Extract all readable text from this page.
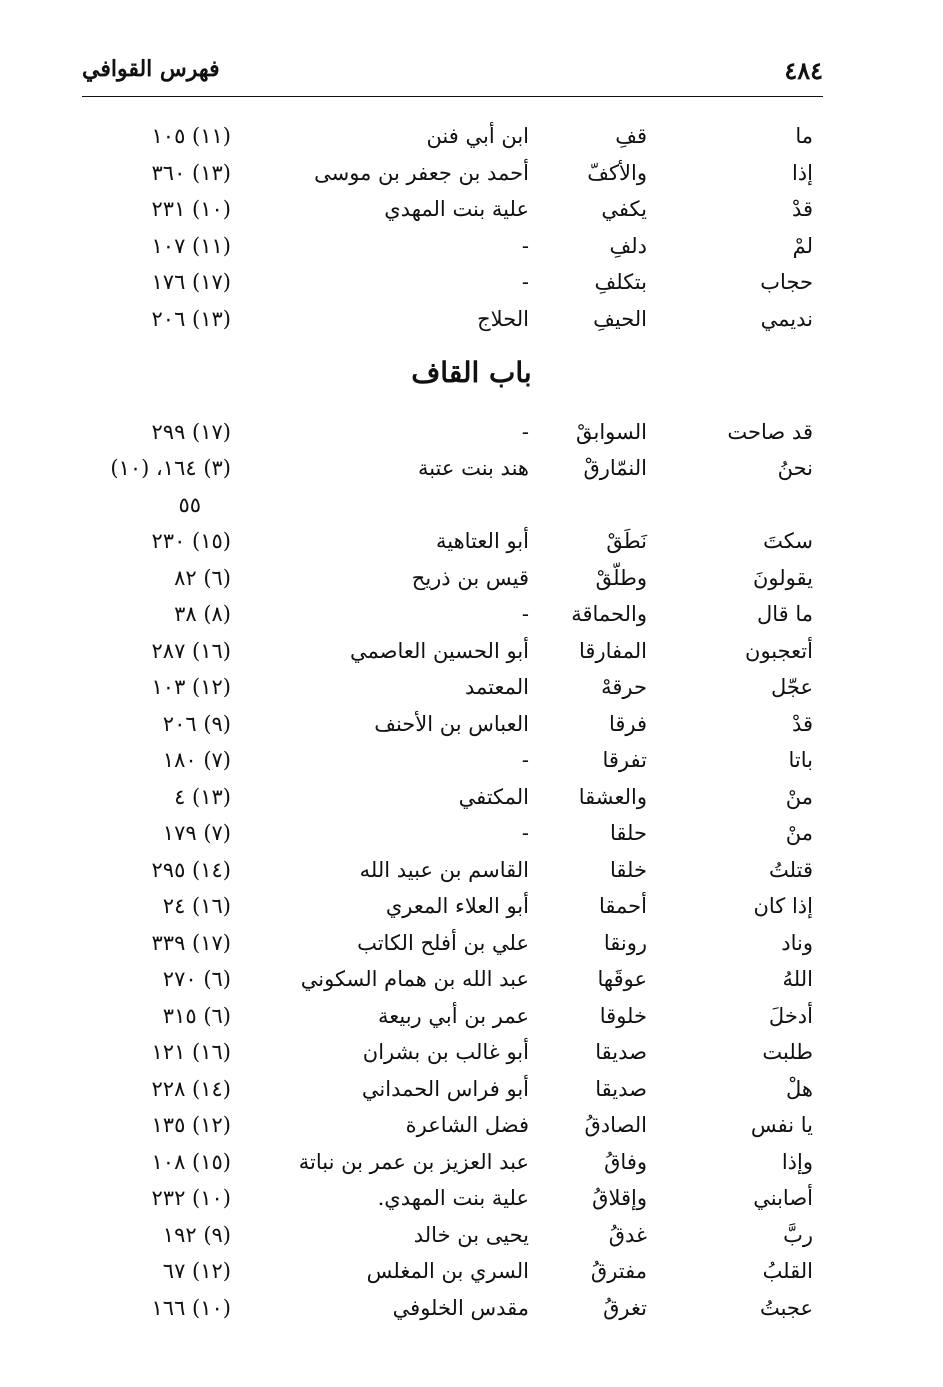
٤٨٤
فهرس القوافي
ما
قفِ
ابن أبي فنن
(١١) ١٠٥
إذا
والأكفّ
أحمد بن جعفر بن موسى
(١٣) ٣٦٠
قدْ
يكفي
علية بنت المهدي
(١٠) ٢٣١
لمْ
دلفِ
-
(١١) ١٠٧
حجاب
بتكلفِ
-
(١٧) ١٧٦
نديمي
الحيفِ
الحلاج
(١٣) ٢٠٦
باب القاف
قد صاحت
السوابقْ
-
(١٧) ٢٩٩
نحنُ
النمّارقْ
هند بنت عتبة
(٣) ١٦٤، (١٠)
سكتَ
نَطَقْ
أبو العتاهية
(١٥) ٢٣٠
يقولونَ
وطلّقْ
قيس بن ذريح
(٦) ٨٢
ما قال
والحماقة
-
(٨) ٣٨
أتعجبون
المفارقا
أبو الحسين العاصمي
(١٦) ٢٨٧
عجّل
حرقهْ
المعتمد
(١٢) ١٠٣
قدْ
فرقا
العباس بن الأحنف
(٩) ٢٠٦
باتا
تفرقا
-
(٧) ١٨٠
منْ
والعشقا
المكتفي
(١٣) ٤
منْ
حلقا
-
(٧) ١٧٩
قتلتُ
خلقا
القاسم بن عبيد الله
(١٤) ٢٩٥
إذا كان
أحمقا
أبو العلاء المعري
(١٦) ٢٤
وناد
رونقا
علي بن أفلح الكاتب
(١٧) ٣٣٩
اللهُ
عوقَها
عبد الله بن همام السكوني
(٦) ٢٧٠
أدخلَ
خلوقا
عمر بن أبي ربيعة
(٦) ٣١٥
طلبت
صديقا
أبو غالب بن بشران
(١٦) ١٢١
هلْ
صديقا
أبو فراس الحمداني
(١٤) ٢٢٨
يا نفس
الصادقُ
فضل الشاعرة
(١٢) ١٣٥
وإذا
وفاقُ
عبد العزيز بن عمر بن نباتة
(١٥) ١٠٨
أصابني
وإقلاقُ
علية بنت المهدي.
(١٠) ٢٣٢
ربَّ
غدقُ
يحيى بن خالد
(٩) ١٩٢
القلبُ
مفترقُ
السري بن المغلس
(١٢) ٦٧
عجبتُ
تغرقُ
مقدس الخلوفي
(١٠) ١٦٦
٥٥
